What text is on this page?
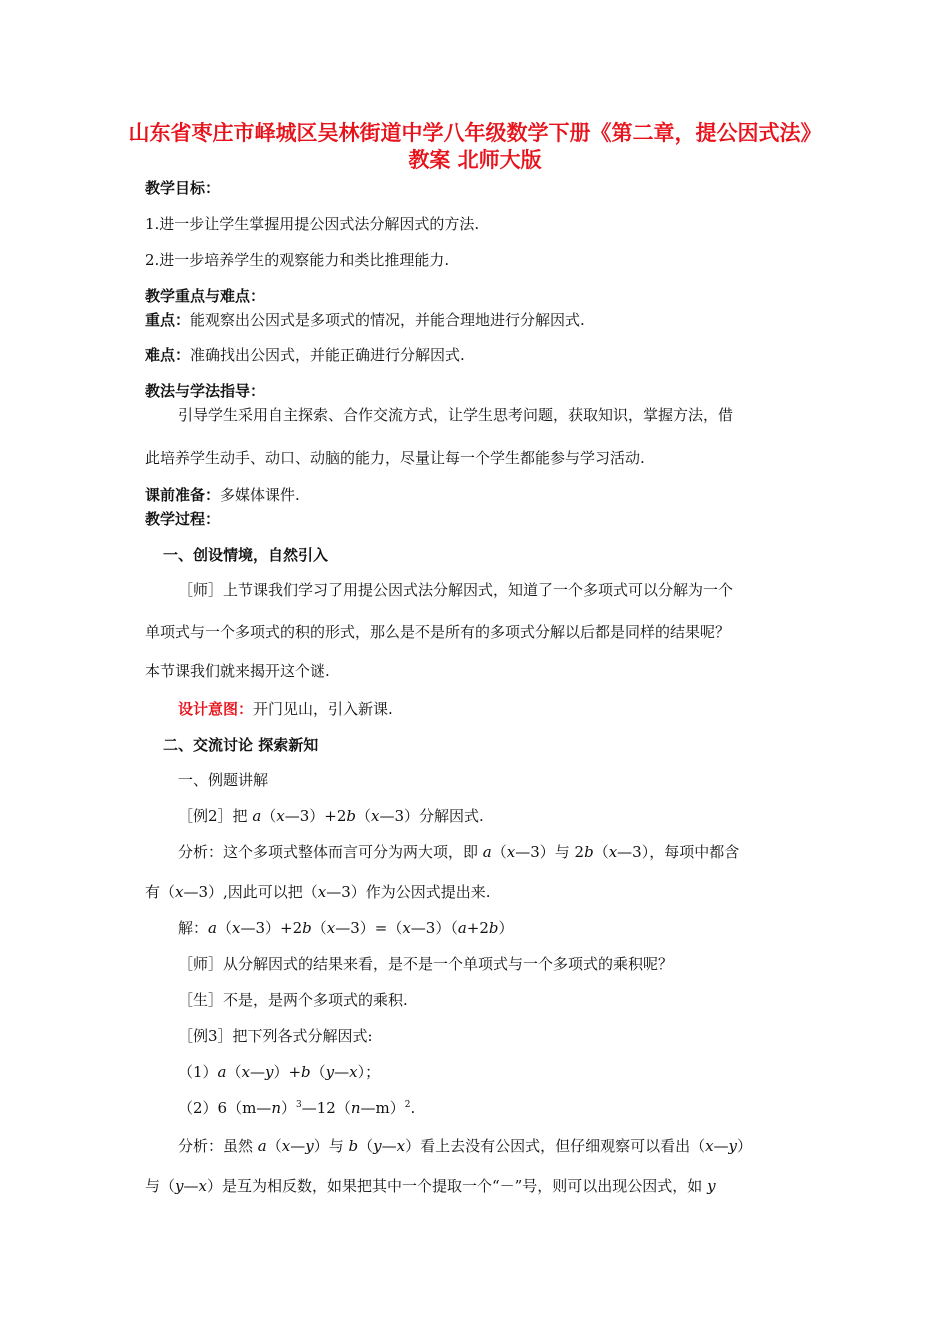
山东省枣庄市峄城区吴林街道中学八年级数学下册《第二章，提公因式法》教案 北师大版
教学目标：
1.进一步让学生掌握用提公因式法分解因式的方法.
2.进一步培养学生的观察能力和类比推理能力.
教学重点与难点：
重点：能观察出公因式是多项式的情况，并能合理地进行分解因式.
难点：准确找出公因式，并能正确进行分解因式.
教法与学法指导：
引导学生采用自主探索、合作交流方式，让学生思考问题，获取知识，掌握方法，借
此培养学生动手、动口、动脑的能力，尽量让每一个学生都能参与学习活动.
课前准备：多媒体课件.
教学过程：
一、创设情境，自然引入
［师］上节课我们学习了用提公因式法分解因式，知道了一个多项式可以分解为一个
单项式与一个多项式的积的形式，那么是不是所有的多项式分解以后都是同样的结果呢？
本节课我们就来揭开这个谜.
设计意图：开门见山，引入新课.
二、交流讨论 探索新知
一、例题讲解
［例2］把 a（x—3）+2b（x—3）分解因式.
分析：这个多项式整体而言可分为两大项，即 a（x—3）与 2b（x—3），每项中都含
有（x—3）,因此可以把（x—3）作为公因式提出来.
解：a（x—3）+2b（x—3）=（x—3）（a+2b）
［师］从分解因式的结果来看，是不是一个单项式与一个多项式的乘积呢？
［生］不是，是两个多项式的乘积.
［例3］把下列各式分解因式:
（1）a（x—y）+b（y—x）；
（2）6（m—n）$^3$—12（n—m）$^2$.
分析：虽然 a（x—y）与 b（y—x）看上去没有公因式，但仔细观察可以看出（x—y）
与（y—x）是互为相反数，如果把其中一个提取一个“－”号，则可以出现公因式，如 y
